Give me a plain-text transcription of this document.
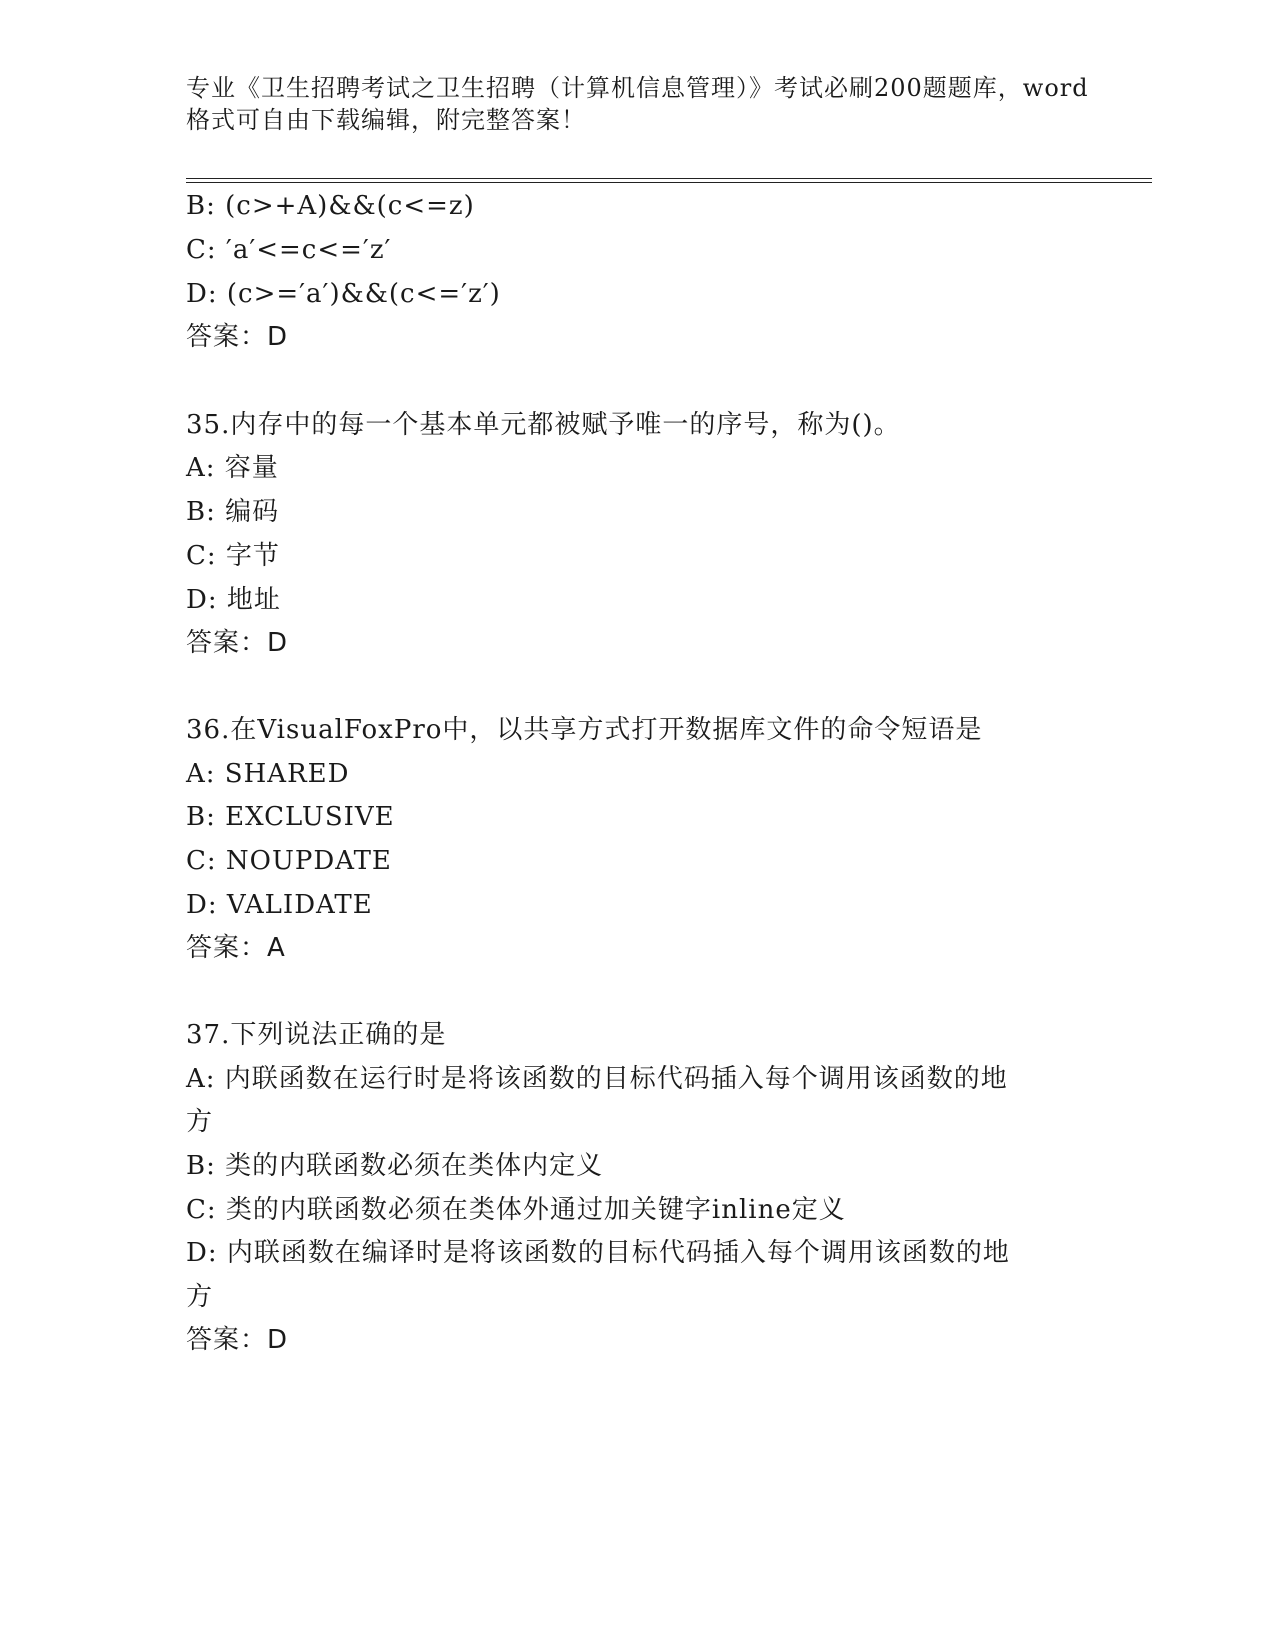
专业《卫生招聘考试之卫生招聘（计算机信息管理）》考试必刷200题题库，word
格式可自由下载编辑，附完整答案！
B: (c>+A)&&(c<=z)
C: ′a′<=c<=′z′
D: (c>=′a′)&&(c<=′z′)
答案：D
35.内存中的每一个基本单元都被赋予唯一的序号，称为()。
A: 容量
B: 编码
C: 字节
D: 地址
答案：D
36.在VisualFoxPro中，以共享方式打开数据库文件的命令短语是
A: SHARED
B: EXCLUSIVE
C: NOUPDATE
D: VALIDATE
答案：A
37.下列说法正确的是
A: 内联函数在运行时是将该函数的目标代码插入每个调用该函数的地
方
B: 类的内联函数必须在类体内定义
C: 类的内联函数必须在类体外通过加关键字inline定义
D: 内联函数在编译时是将该函数的目标代码插入每个调用该函数的地
方
答案：D
